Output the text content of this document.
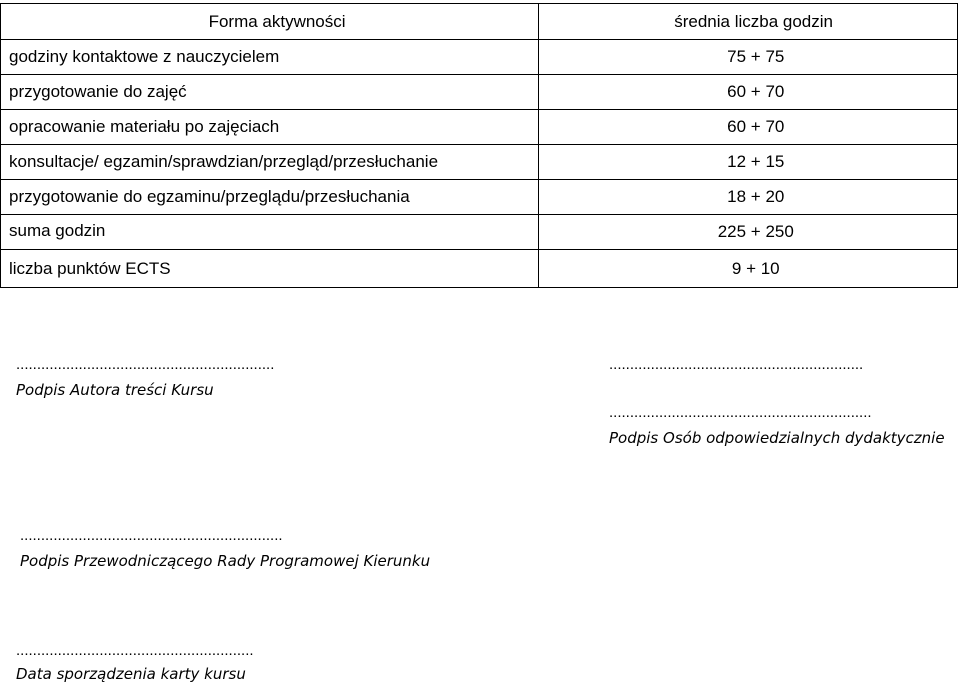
Forma aktywności	średnia liczba godzin
godziny kontaktowe z nauczycielem	75 + 75
przygotowanie do zajęć	60 + 70
opracowanie materiału po zajęciach	60 + 70
konsultacje/ egzamin/sprawdzian/przegląd/przesłuchanie	12 + 15
przygotowanie do egzaminu/przeglądu/przesłuchania	18 + 20
suma godzin	225 + 250
liczba punktów ECTS	9 + 10
..............................................................
Podpis Autora treści Kursu
.............................................................
...............................................................
Podpis Osób odpowiedzialnych dydaktycznie
...............................................................
Podpis Przewodniczącego Rady Programowej Kierunku
.........................................................
Data sporządzenia karty kursu
